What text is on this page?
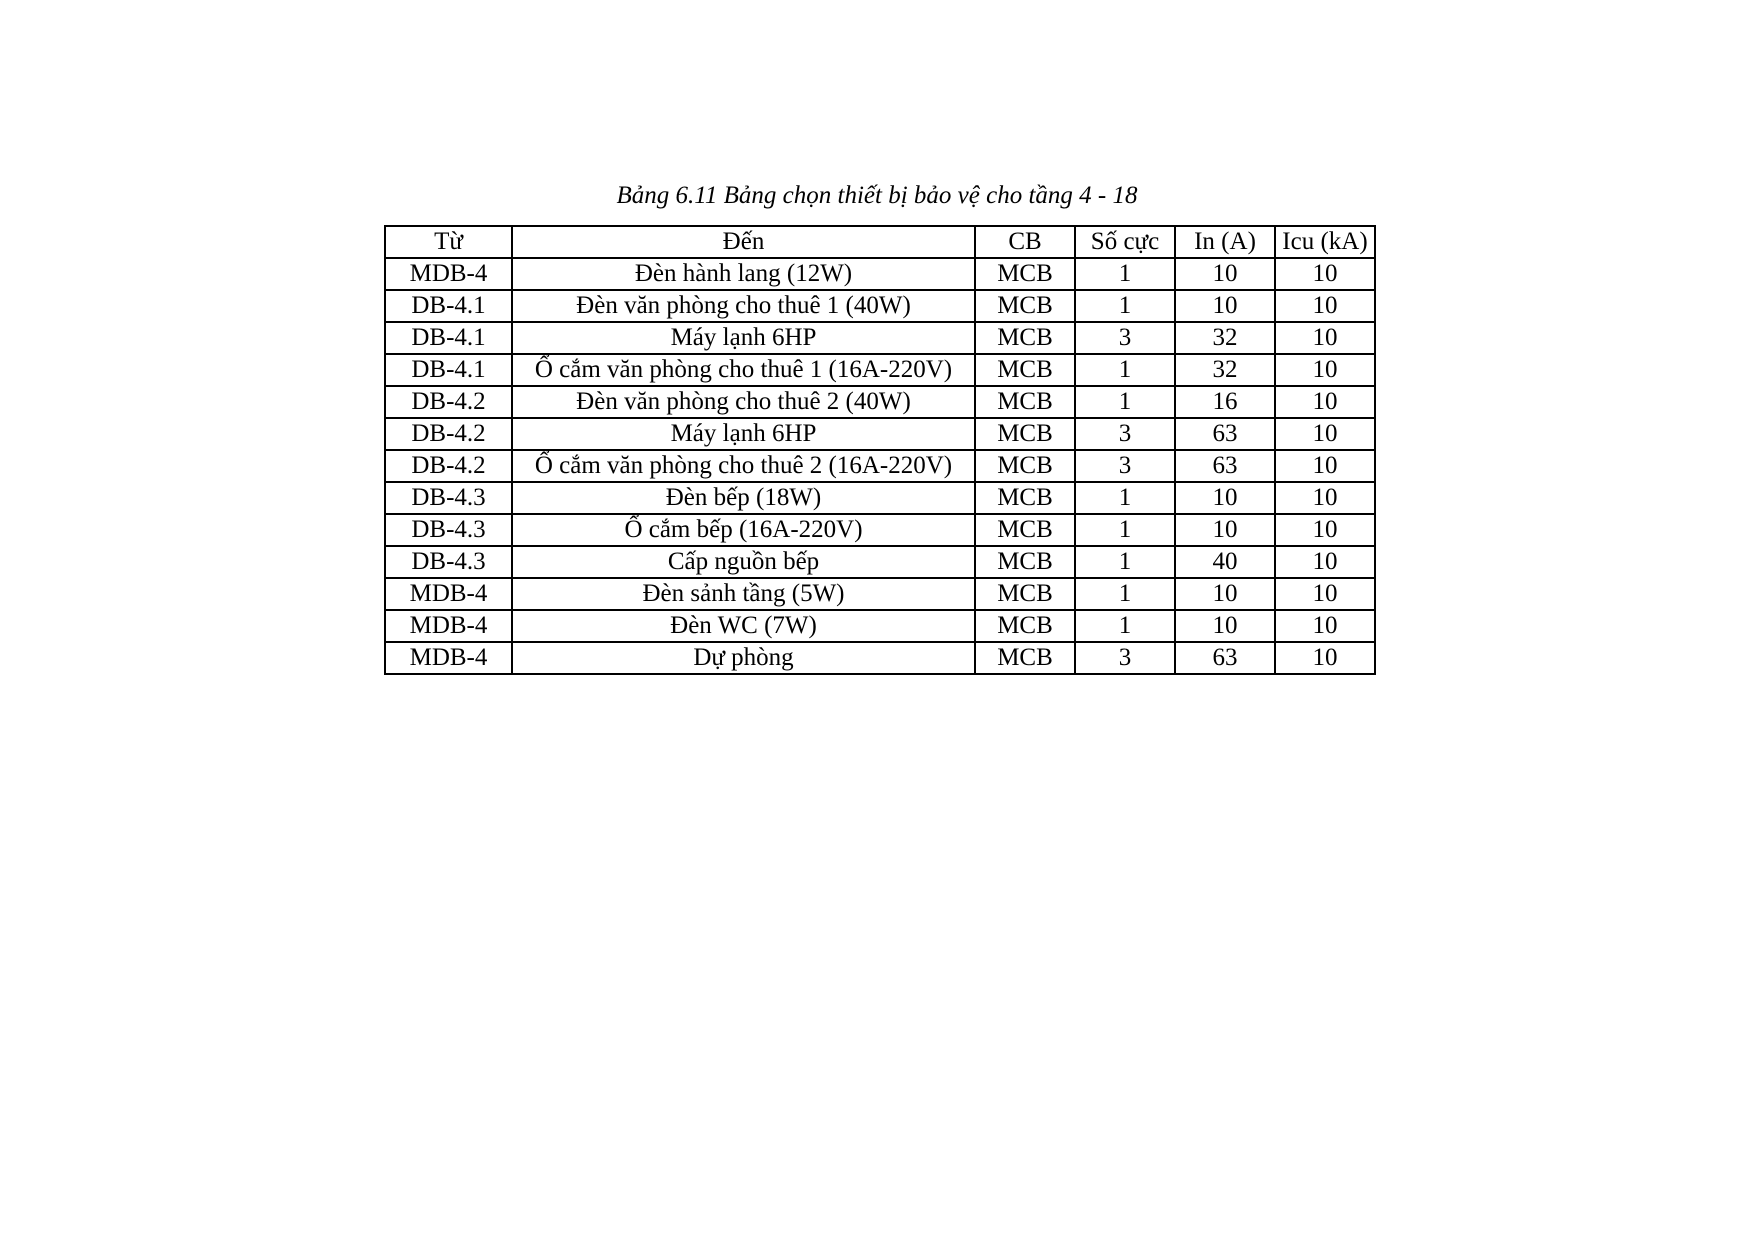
Bảng 6.11 Bảng chọn thiết bị bảo vệ cho tầng 4 - 18
Từ	Đến	CB	Số cực	In (A)	Icu (kA)
MDB-4	Đèn hành lang (12W)	MCB	1	10	10
DB-4.1	Đèn văn phòng cho thuê 1 (40W)	MCB	1	10	10
DB-4.1	Máy lạnh 6HP	MCB	3	32	10
DB-4.1	Ổ cắm văn phòng cho thuê 1 (16A-220V)	MCB	1	32	10
DB-4.2	Đèn văn phòng cho thuê 2 (40W)	MCB	1	16	10
DB-4.2	Máy lạnh 6HP	MCB	3	63	10
DB-4.2	Ổ cắm văn phòng cho thuê 2 (16A-220V)	MCB	3	63	10
DB-4.3	Đèn bếp (18W)	MCB	1	10	10
DB-4.3	Ổ cắm bếp (16A-220V)	MCB	1	10	10
DB-4.3	Cấp nguồn bếp	MCB	1	40	10
MDB-4	Đèn sảnh tầng (5W)	MCB	1	10	10
MDB-4	Đèn WC (7W)	MCB	1	10	10
MDB-4	Dự phòng	MCB	3	63	10
